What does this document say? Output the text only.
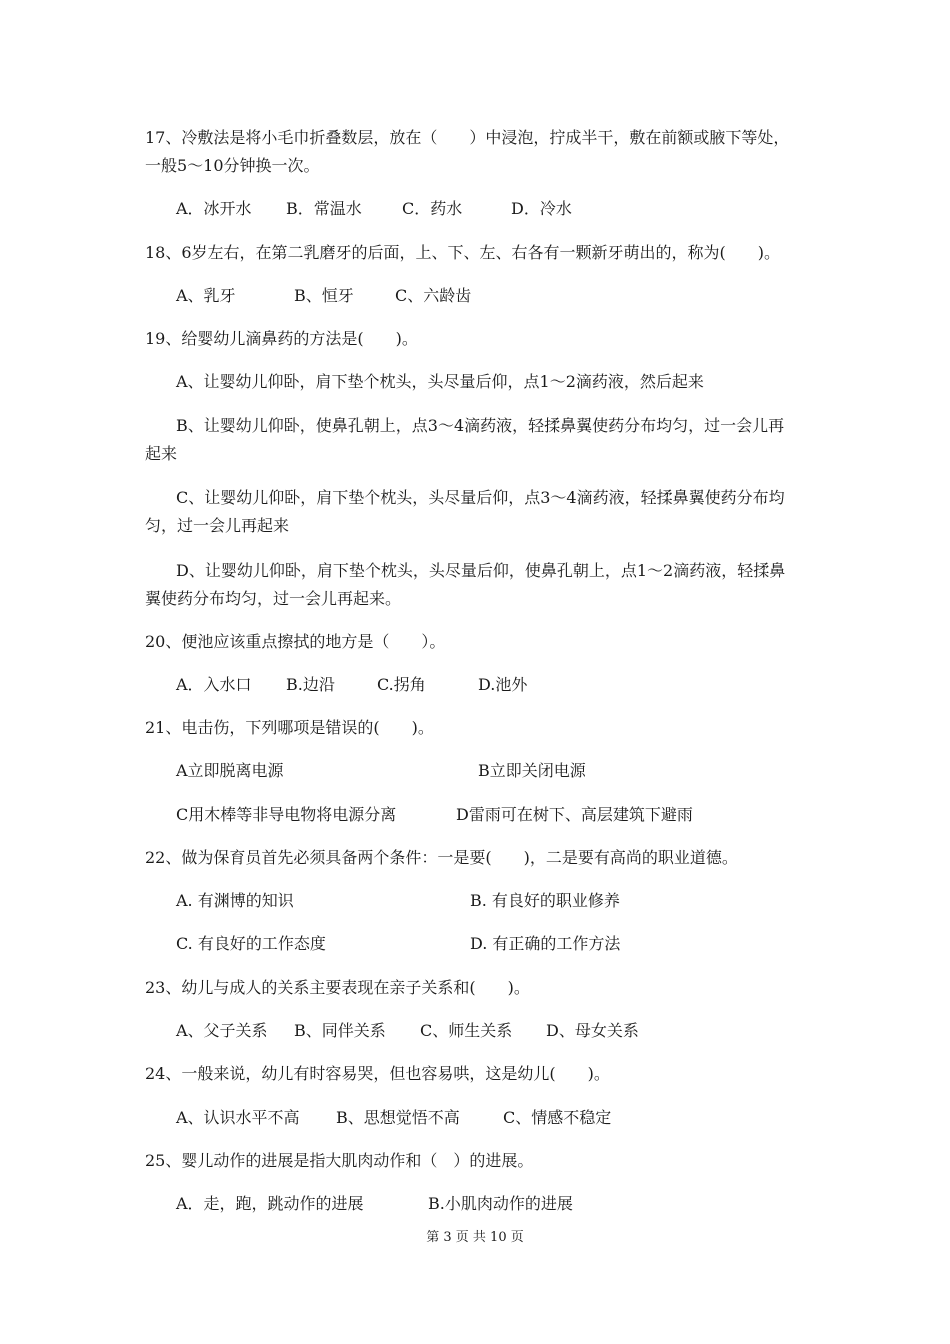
17、冷敷法是将小毛巾折叠数层，放在（　　）中浸泡，拧成半干，敷在前额或腋下等处，
一般5～10分钟换一次。
A．冰开水 B．常温水	C．药水	D．冷水
18、6岁左右，在第二乳磨牙的后面，上、下、左、右各有一颗新牙萌出的，称为(　　)。
A、乳牙	B、恒牙	C、六龄齿
19、给婴幼儿滴鼻药的方法是(　　)。
A、让婴幼儿仰卧，肩下垫个枕头，头尽量后仰，点1～2滴药液，然后起来
B、让婴幼儿仰卧，使鼻孔朝上，点3～4滴药液，轻揉鼻翼使药分布均匀，过一会儿再
起来
C、让婴幼儿仰卧，肩下垫个枕头，头尽量后仰，点3～4滴药液，轻揉鼻翼使药分布均
匀，过一会儿再起来
D、让婴幼儿仰卧，肩下垫个枕头，头尽量后仰，使鼻孔朝上，点1～2滴药液，轻揉鼻
翼使药分布均匀，过一会儿再起来。
20、便池应该重点擦拭的地方是（　　）。
A．入水口 B.边沿	C.拐角	D.池外
21、电击伤，下列哪项是错误的(　　)。
A立即脱离电源	B立即关闭电源
C用木棒等非导电物将电源分离	D雷雨可在树下、高层建筑下避雨
22、做为保育员首先必须具备两个条件：一是要(　　)，二是要有高尚的职业道德。
A. 有渊博的知识	B. 有良好的职业修养
C. 有良好的工作态度	D. 有正确的工作方法
23、幼儿与成人的关系主要表现在亲子关系和(　　)。
A、父子关系 B、同伴关系 C、师生关系 D、母女关系
24、一般来说，幼儿有时容易哭，但也容易哄，这是幼儿(　　)。
A、认识水平不高 B、思想觉悟不高	C、情感不稳定
25、婴儿动作的进展是指大肌肉动作和（　）的进展。
A．走，跑，跳动作的进展	B.小肌肉动作的进展
第 3 页 共 10 页
